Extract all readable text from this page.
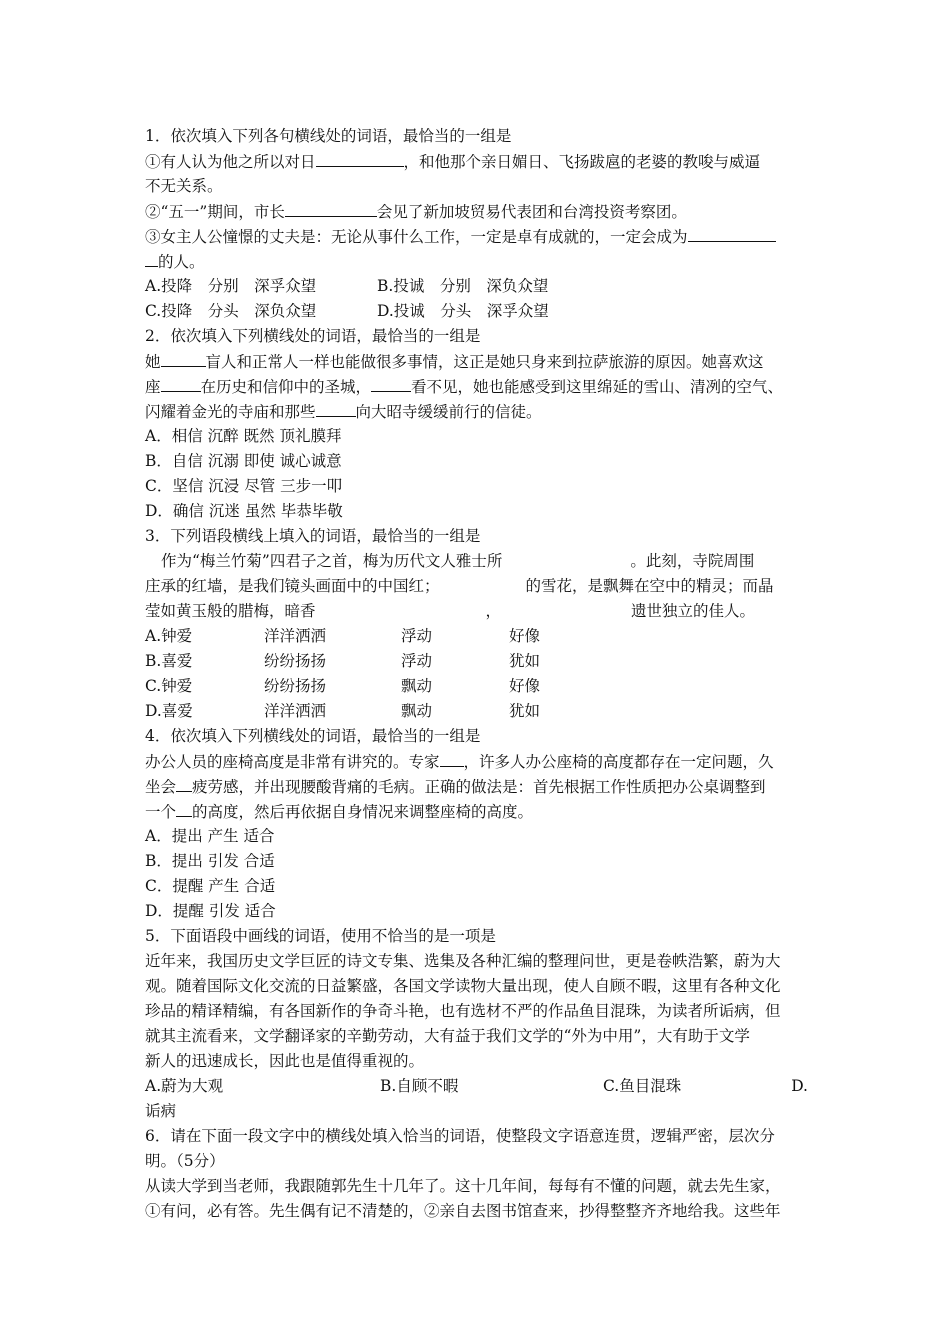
1．依次填入下列各句横线处的词语，最恰当的一组是
①有人认为他之所以对日	，和他那个亲日媚日、飞扬跋扈的老婆的教唆与威逼
不无关系。
②“五一”期间，市长	会见了新加坡贸易代表团和台湾投资考察团。
③女主人公憧憬的丈夫是：无论从事什么工作，一定是卓有成就的，一定会成为
的人。
A.投降　分别　深孚众望	B.投诚　分别　深负众望
C.投降　分头　深负众望	D.投诚　分头　深孚众望
2．依次填入下列横线处的词语，最恰当的一组是
她	盲人和正常人一样也能做很多事情，这正是她只身来到拉萨旅游的原因。她喜欢这
座	在历史和信仰中的圣城，	看不见，她也能感受到这里绵延的雪山、清冽的空气、
闪耀着金光的寺庙和那些	向大昭寺缓缓前行的信徒。
A．相信 沉醉 既然 顶礼膜拜
B．自信 沉溺 即使 诚心诚意
C．坚信 沉浸 尽管 三步一叩
D．确信 沉迷 虽然 毕恭毕敬
3．下列语段横线上填入的词语，最恰当的一组是
作为“梅兰竹菊”四君子之首，梅为历代文人雅士所	。此刻，寺院周围
庄承的红墙，是我们镜头画面中的中国红；	的雪花，是飘舞在空中的精灵；而晶
莹如黄玉般的腊梅，暗香	，	遗世独立的佳人。
A.钟爱	洋洋洒洒	浮动	好像
B.喜爱	纷纷扬扬	浮动	犹如
C.钟爱	纷纷扬扬	飘动	好像
D.喜爱	洋洋洒洒	飘动	犹如
4．依次填入下列横线处的词语，最恰当的一组是
办公人员的座椅高度是非常有讲究的。专家 ，许多人办公座椅的高度都存在一定问题，久
坐会 疲劳感，并出现腰酸背痛的毛病。正确的做法是：首先根据工作性质把办公桌调整到
一个 的高度，然后再依据自身情况来调整座椅的高度。
A．提出 产生 适合
B．提出 引发 合适
C．提醒 产生 合适
D．提醒 引发 适合
5．下面语段中画线的词语，使用不恰当的是一项是
近年来，我国历史文学巨匠的诗文专集、选集及各种汇编的整理问世，更是卷帙浩繁，蔚为大
观。随着国际文化交流的日益繁盛，各国文学读物大量出现，使人自顾不暇，这里有各种文化
珍品的精译精编，有各国新作的争奇斗艳，也有选材不严的作品鱼目混珠，为读者所诟病，但
就其主流看来，文学翻译家的辛勤劳动，大有益于我们文学的“外为中用”，大有助于文学
新人的迅速成长，因此也是值得重视的。
A.蔚为大观	B.自顾不暇	C.鱼目混珠	D.
诟病
6．请在下面一段文字中的横线处填入恰当的词语，使整段文字语意连贯，逻辑严密，层次分
明。（5分）
从读大学到当老师，我跟随郭先生十几年了。这十几年间，每每有不懂的问题，就去先生家，
①有问，必有答。先生偶有记不清楚的，②亲自去图书馆查来，抄得整整齐齐地给我。这些年
